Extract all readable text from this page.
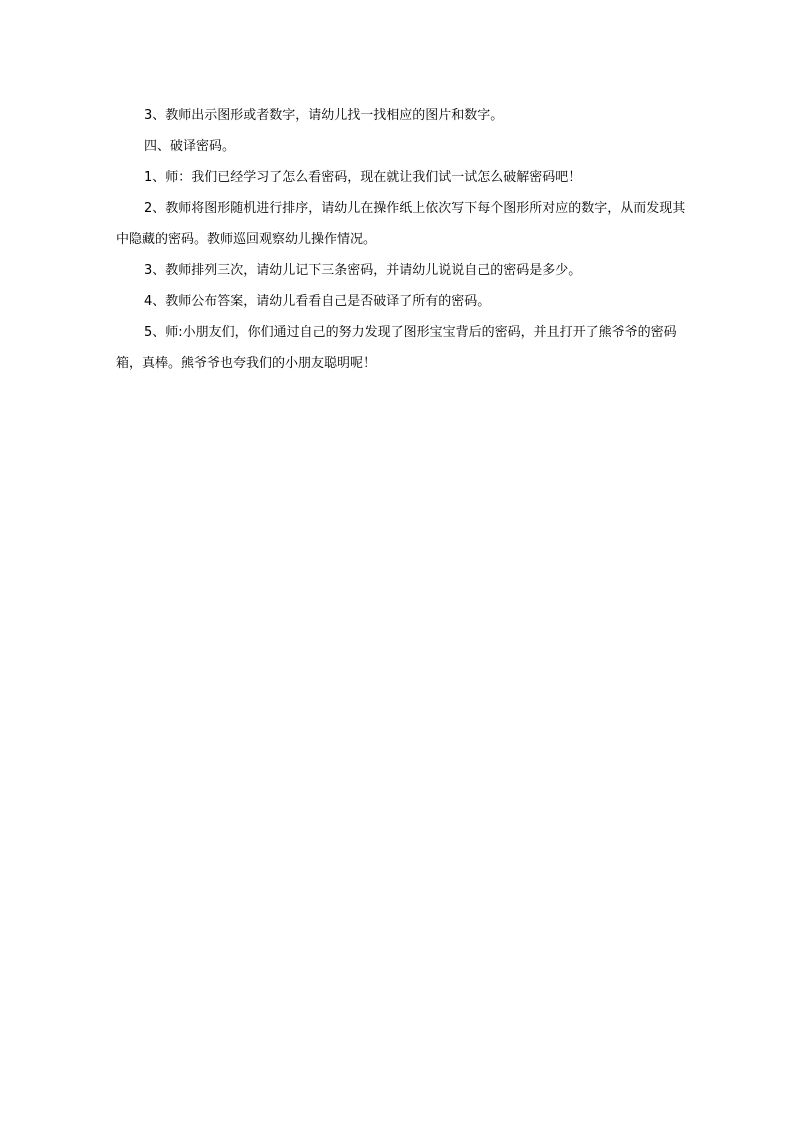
3、教师出示图形或者数字，请幼儿找一找相应的图片和数字。

四、破译密码。

1、师：我们已经学习了怎么看密码，现在就让我们试一试怎么破解密码吧！

2、教师将图形随机进行排序，请幼儿在操作纸上依次写下每个图形所对应的数字，从而发现其中隐藏的密码。教师巡回观察幼儿操作情况。

3、教师排列三次，请幼儿记下三条密码，并请幼儿说说自己的密码是多少。

4、教师公布答案，请幼儿看看自己是否破译了所有的密码。

5、师:小朋友们，你们通过自己的努力发现了图形宝宝背后的密码，并且打开了熊爷爷的密码箱，真棒。熊爷爷也夸我们的小朋友聪明呢！
